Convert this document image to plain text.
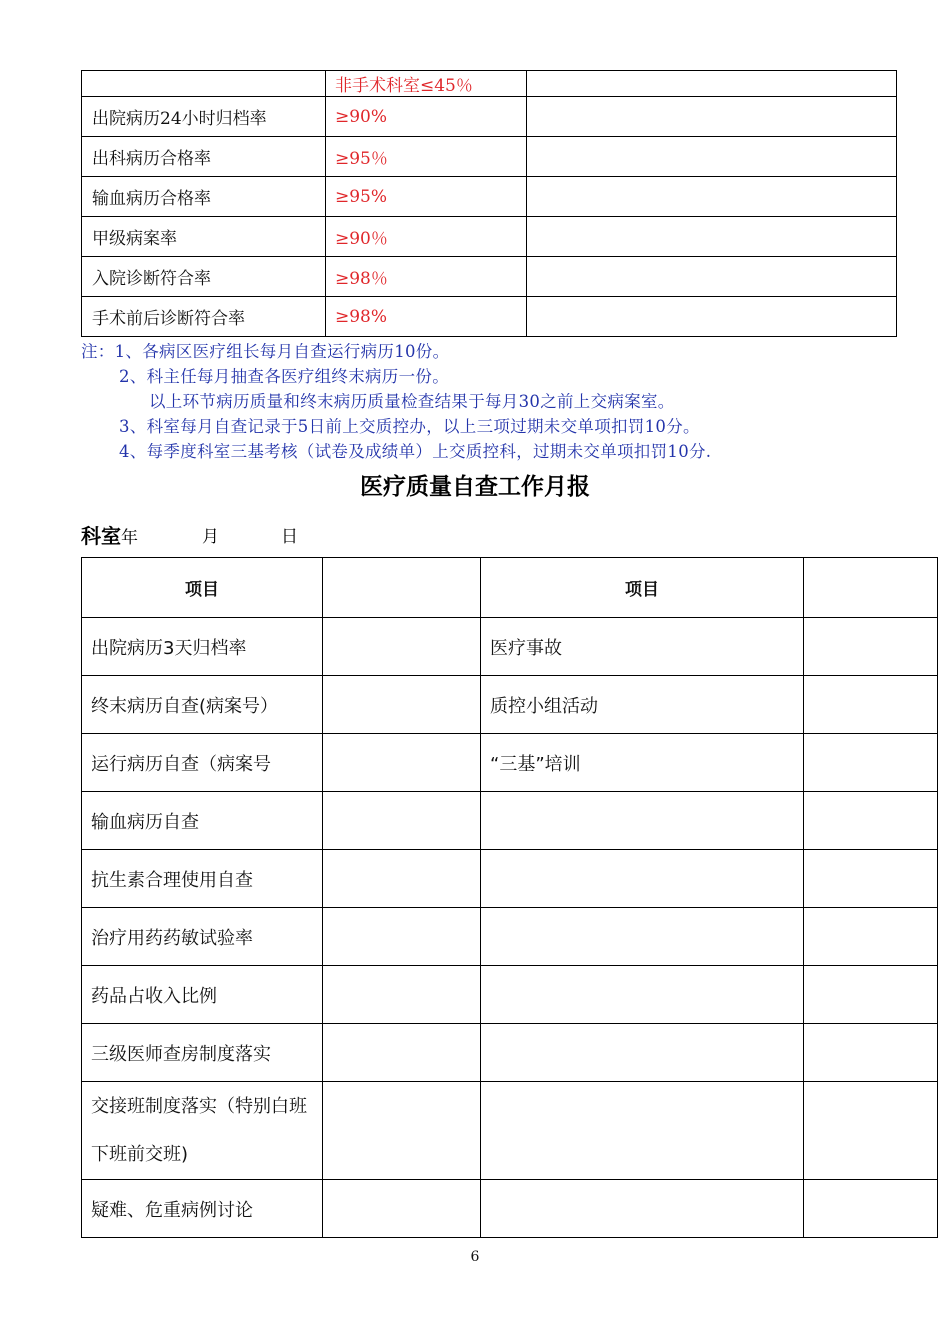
	非手术科室≤45％	
出院病历24小时归档率	≥90%	
出科病历合格率	≥95％	
输血病历合格率	≥95%	
甲级病案率	≥90％	
入院诊断符合率	≥98％	
手术前后诊断符合率	≥98%	
注：1、各病区医疗组长每月自查运行病历10份。
2、科主任每月抽查各医疗组终末病历一份。
以上环节病历质量和终末病历质量检查结果于每月30之前上交病案室。
3、科室每月自查记录于5日前上交质控办，以上三项过期未交单项扣罚10分。
4、每季度科室三基考核（试卷及成绩单）上交质控科，过期未交单项扣罚10分.
医疗质量自查工作月报
科室年	月	日
项目		项目	
出院病历3天归档率		医疗事故	
终末病历自查(病案号）		质控小组活动	
运行病历自查（病案号		“三基”培训	
输血病历自查			
抗生素合理使用自查			
治疗用药药敏试验率			
药品占收入比例			
三级医师查房制度落实			
交接班制度落实（特别白班下班前交班)			
疑难、危重病例讨论			
6
